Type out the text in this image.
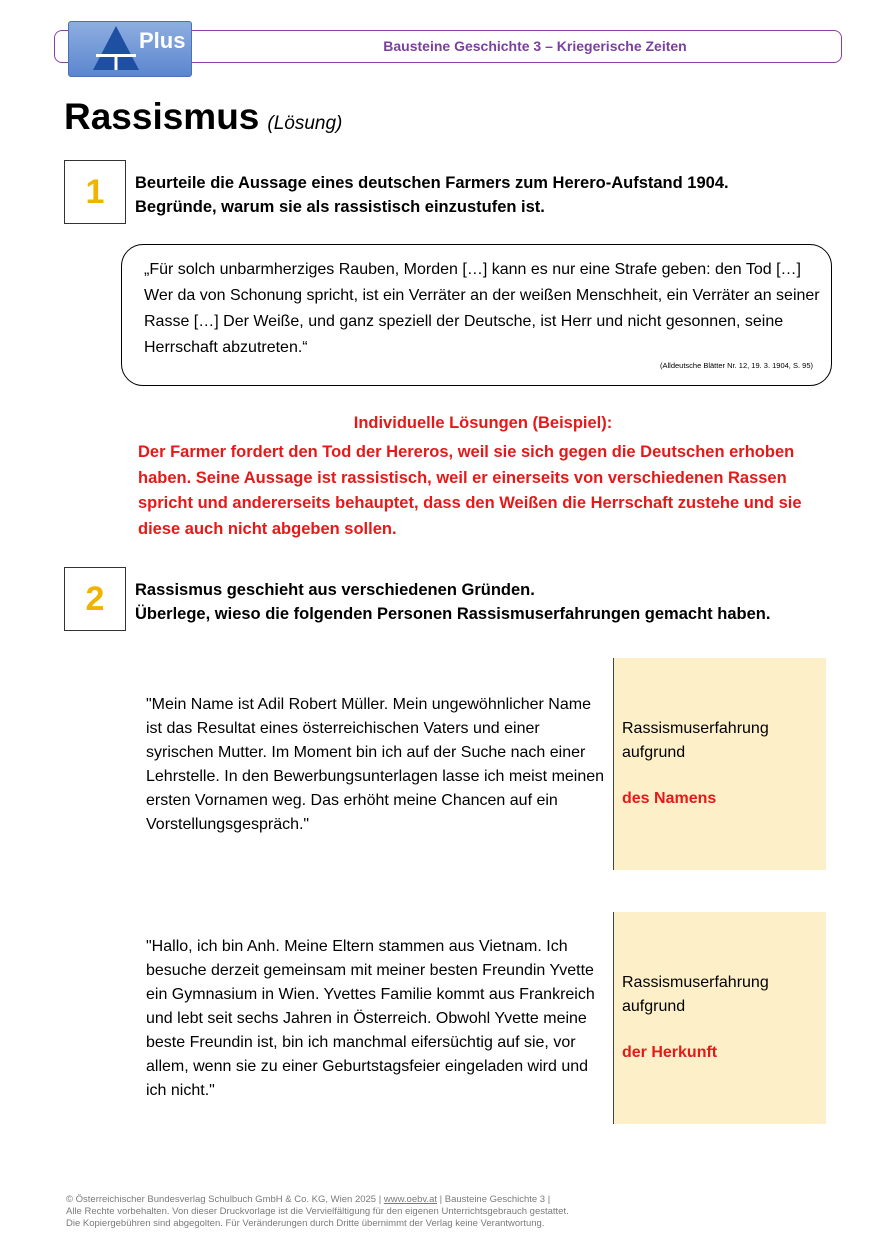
Bausteine Geschichte 3 – Kriegerische Zeiten
Plus
Rassismus (Lösung)
1	Beurteile die Aussage eines deutschen Farmers zum Herero-Aufstand 1904.
Begründe, warum sie als rassistisch einzustufen ist.
„Für solch unbarmherziges Rauben, Morden […] kann es nur eine Strafe geben: den Tod […] Wer da von Schonung spricht, ist ein Verräter an der weißen Menschheit, ein Verräter an seiner Rasse […] Der Weiße, und ganz speziell der Deutsche, ist Herr und nicht gesonnen, seine Herrschaft abzutreten.“
(Alldeutsche Blätter Nr. 12, 19. 3. 1904, S. 95)
Individuelle Lösungen (Beispiel):
Der Farmer fordert den Tod der Hereros, weil sie sich gegen die Deutschen erhoben haben. Seine Aussage ist rassistisch, weil er einerseits von verschiedenen Rassen spricht und andererseits behauptet, dass den Weißen die Herrschaft zustehe und sie diese auch nicht abgeben sollen.
2	Rassismus geschieht aus verschiedenen Gründen.
Überlege, wieso die folgenden Personen Rassismuserfahrungen gemacht haben.
"Mein Name ist Adil Robert Müller. Mein ungewöhnlicher Name ist das Resultat eines österreichischen Vaters und einer syrischen Mutter. Im Moment bin ich auf der Suche nach einer Lehrstelle. In den Bewerbungsunterlagen lasse ich meist meinen ersten Vornamen weg. Das erhöht meine Chancen auf ein Vorstellungsgespräch."
Rassismuserfahrung
aufgrund
des Namens
"Hallo, ich bin Anh. Meine Eltern stammen aus Vietnam. Ich besuche derzeit gemeinsam mit meiner besten Freundin Yvette ein Gymnasium in Wien. Yvettes Familie kommt aus Frankreich und lebt seit sechs Jahren in Österreich. Obwohl Yvette meine beste Freundin ist, bin ich manchmal eifersüchtig auf sie, vor allem, wenn sie zu einer Geburtstagsfeier eingeladen wird und ich nicht."
Rassismuserfahrung
aufgrund
der Herkunft
© Österreichischer Bundesverlag Schulbuch GmbH & Co. KG, Wien 2025 | www.oebv.at | Bausteine Geschichte 3 |
Alle Rechte vorbehalten. Von dieser Druckvorlage ist die Vervielfältigung für den eigenen Unterrichtsgebrauch gestattet.
Die Kopiergebühren sind abgegolten. Für Veränderungen durch Dritte übernimmt der Verlag keine Verantwortung.
